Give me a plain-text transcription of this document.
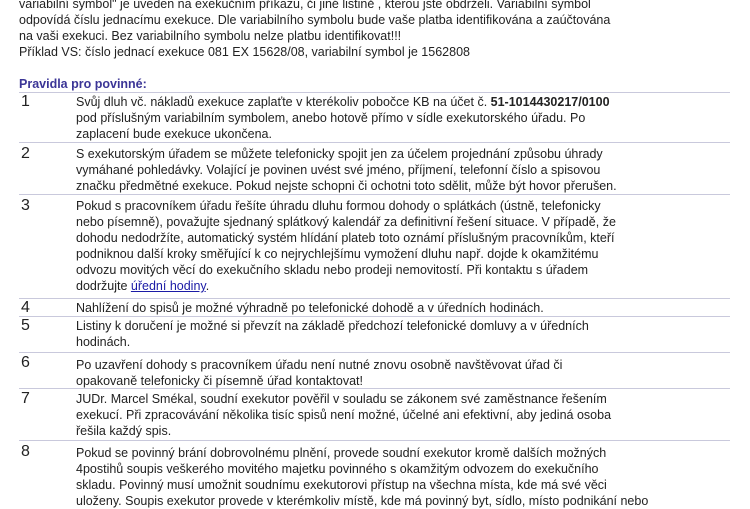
variabilní symbol" je uveden na exekučním příkazu, či jiné listině , kterou jste obdrželi. Variabilní symbol
odpovídá číslu jednacímu exekuce. Dle variabilního symbolu bude vaše platba identifikována a zaúčtována
na vaši exekuci. Bez variabilního symbolu nelze platbu identifikovat!!!
Příklad VS: číslo jednací exekuce 081 EX 15628/08, variabilní symbol je 1562808
Pravidla pro povinné:
1	Svůj dluh vč. nákladů exekuce zaplaťte v kterékoliv pobočce KB na účet č. 51-1014430217/0100
pod příslušným variabilním symbolem, anebo hotově přímo v sídle exekutorského úřadu. Po
zaplacení bude exekuce ukončena.
2	S exekutorským úřadem se můžete telefonicky spojit jen za účelem projednání způsobu úhrady
vymáhané pohledávky. Volající je povinen uvést své jméno, příjmení, telefonní číslo a spisovou
značku předmětné exekuce. Pokud nejste schopni či ochotni toto sdělit, může být hovor přerušen.
3	Pokud s pracovníkem úřadu řešíte úhradu dluhu formou dohody o splátkách (ústně, telefonicky
nebo písemně), považujte sjednaný splátkový kalendář za definitivní řešení situace. V případě, že
dohodu nedodržíte, automatický systém hlídání plateb toto oznámí příslušným pracovníkům, kteří
podniknou další kroky směřující k co nejrychlejšímu vymožení dluhu např. dojde k okamžitému
odvozu movitých věcí do exekučního skladu nebo prodeji nemovitostí. Při kontaktu s úřadem
dodržujte úřední hodiny.
4	Nahlížení do spisů je možné výhradně po telefonické dohodě a v úředních hodinách.
5	Listiny k doručení je možné si převzít na základě předchozí telefonické domluvy a v úředních
hodinách.
6	Po uzavření dohody s pracovníkem úřadu není nutné znovu osobně navštěvovat úřad či
opakovaně telefonicky či písemně úřad kontaktovat!
7	JUDr. Marcel Smékal, soudní exekutor pověřil v souladu se zákonem své zaměstnance řešením
exekucí. Při zpracovávání několika tisíc spisů není možné, účelné ani efektivní, aby jediná osoba
řešila každý spis.
8	Pokud se povinný brání dobrovolnému plnění, provede soudní exekutor kromě dalších možných
4postihů soupis veškerého movitého majetku povinného s okamžitým odvozem do exekučního
skladu. Povinný musí umožnit soudnímu exekutorovi přístup na všechna místa, kde má své věci
uloženy. Soupis exekutor provede v kterémkoliv místě, kde má povinný byt, sídlo, místo podnikání nebo
